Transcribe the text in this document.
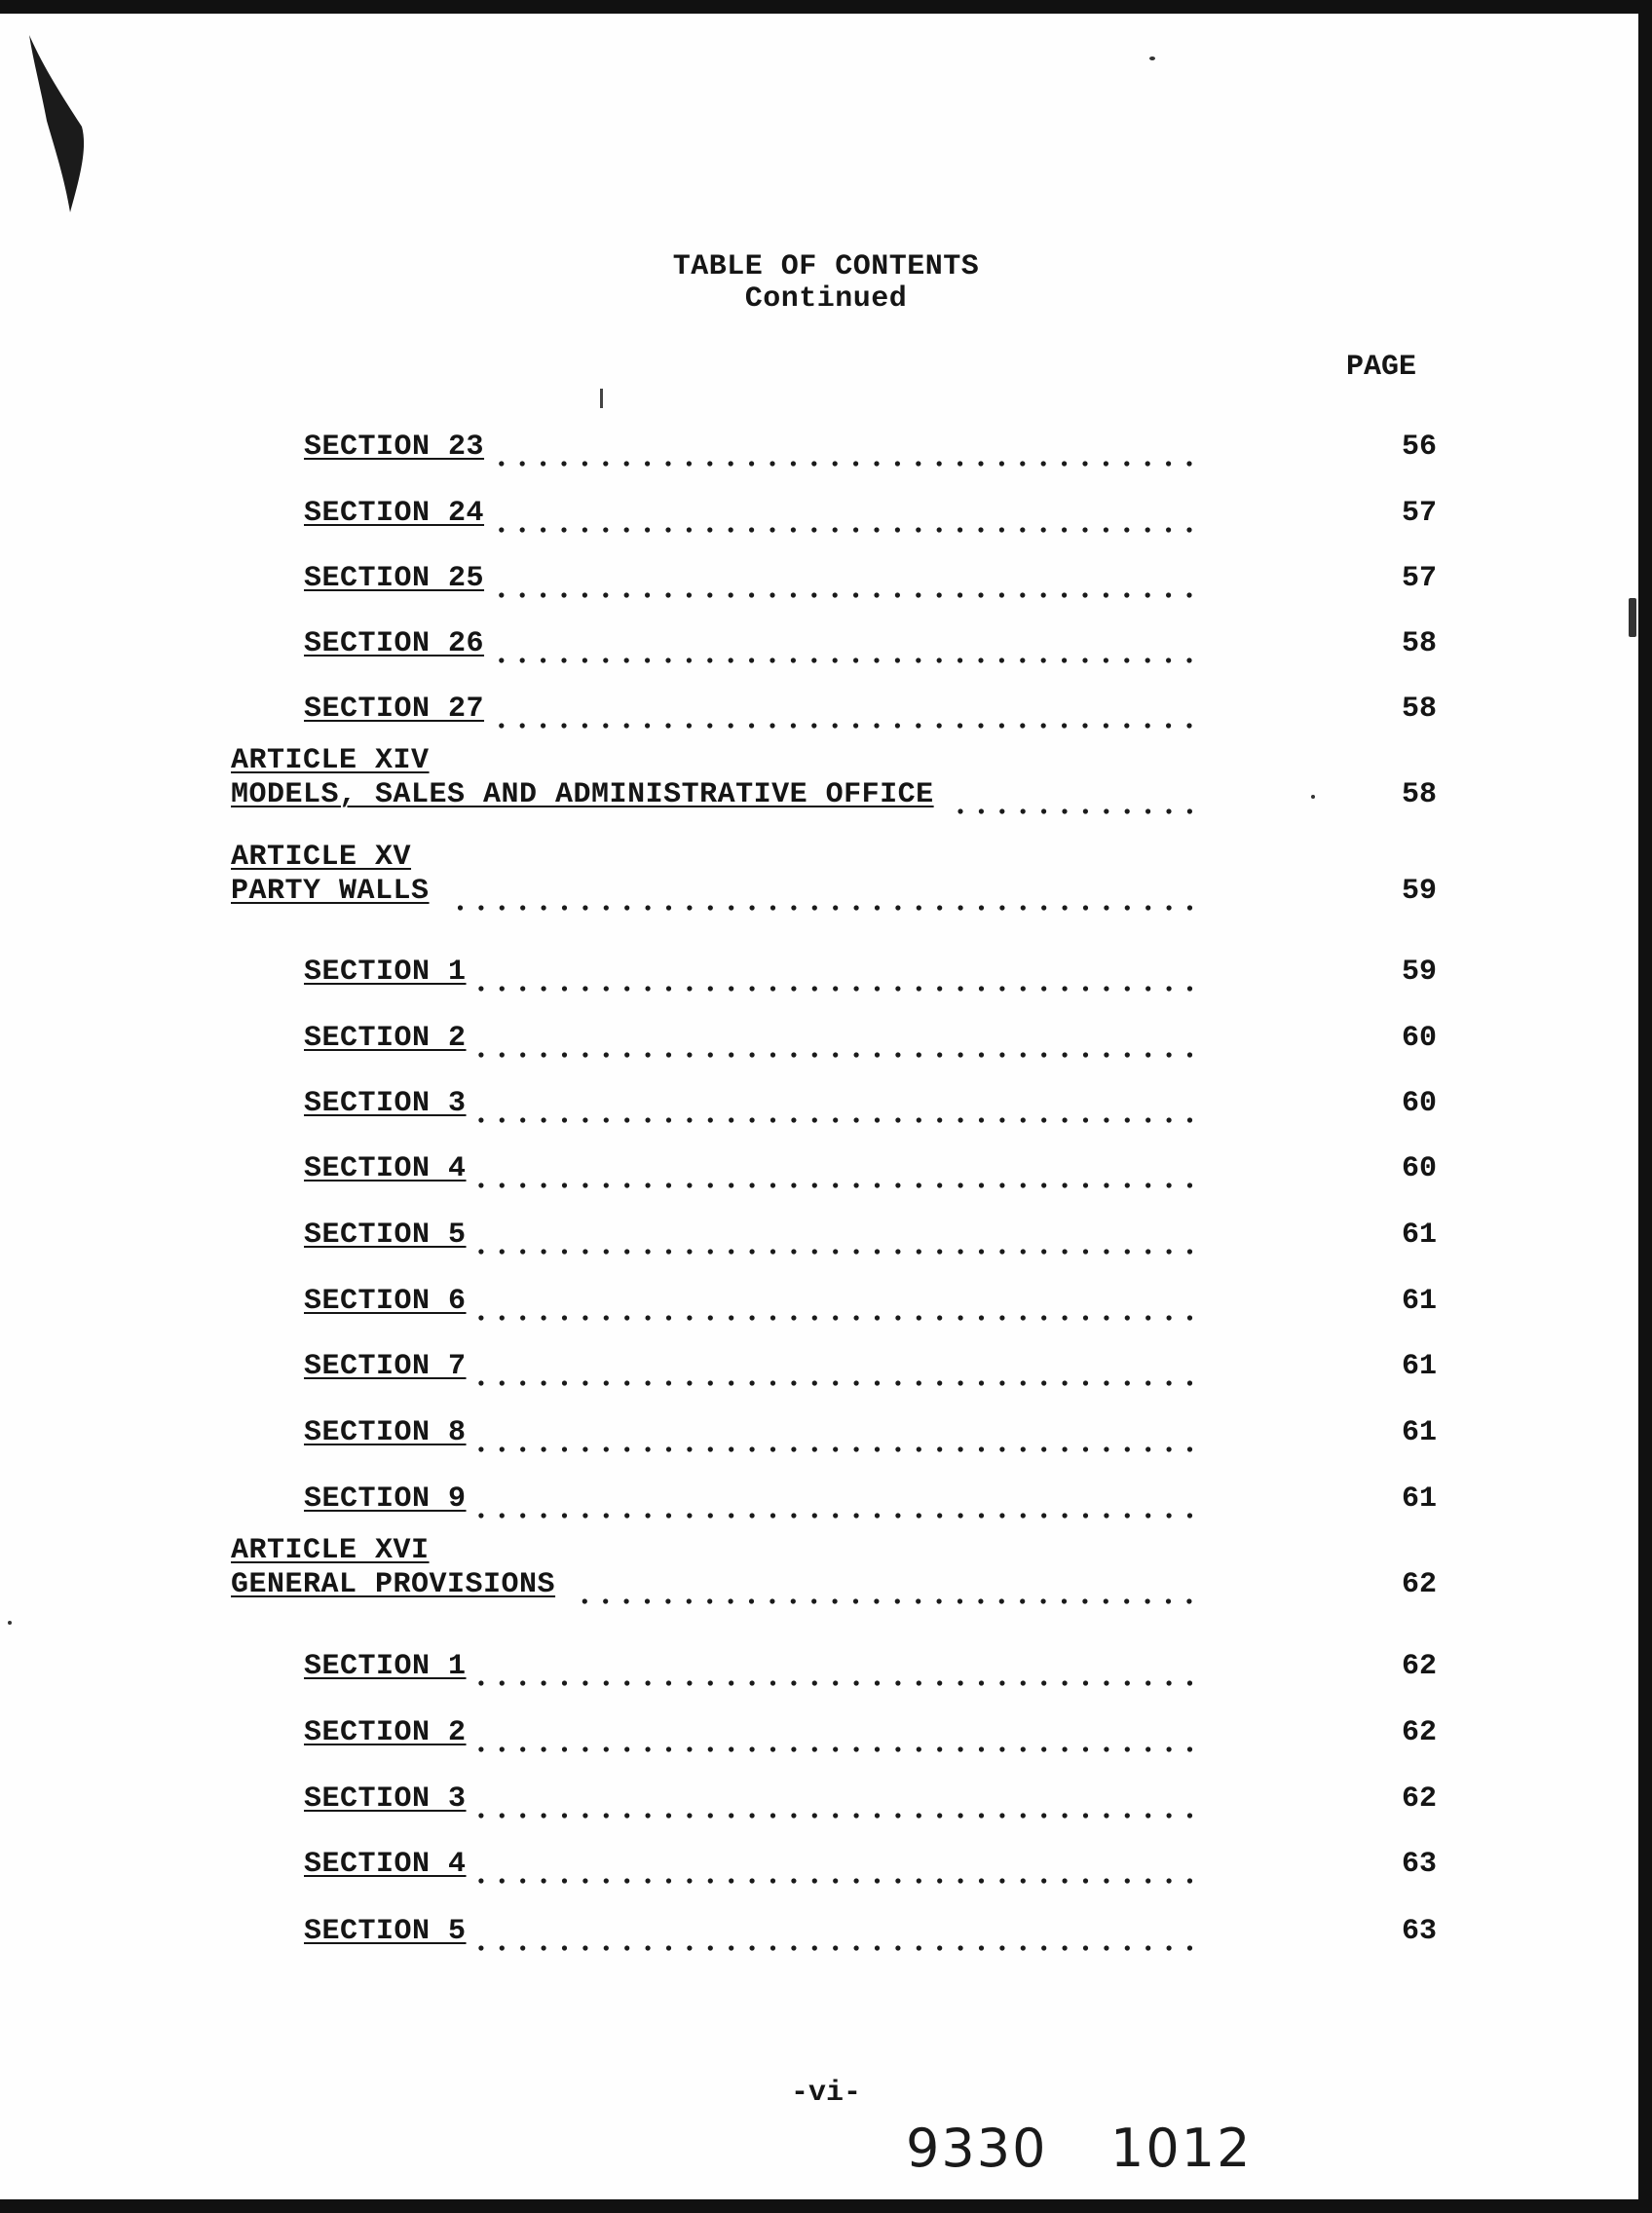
TABLE OF CONTENTS
Continued
PAGE
SECTION 23	56
SECTION 24	57
SECTION 25	57
SECTION 26	58
SECTION 27	58
ARTICLE XIV
MODELS, SALES AND ADMINISTRATIVE OFFICE	58
ARTICLE XV
PARTY WALLS	59
SECTION 1	59
SECTION 2	60
SECTION 3	60
SECTION 4	60
SECTION 5	61
SECTION 6	61
SECTION 7	61
SECTION 8	61
SECTION 9	61
ARTICLE XVI
GENERAL PROVISIONS	62
SECTION 1	62
SECTION 2	62
SECTION 3	62
SECTION 4	63
SECTION 5	63
-vi-
9330 1012
